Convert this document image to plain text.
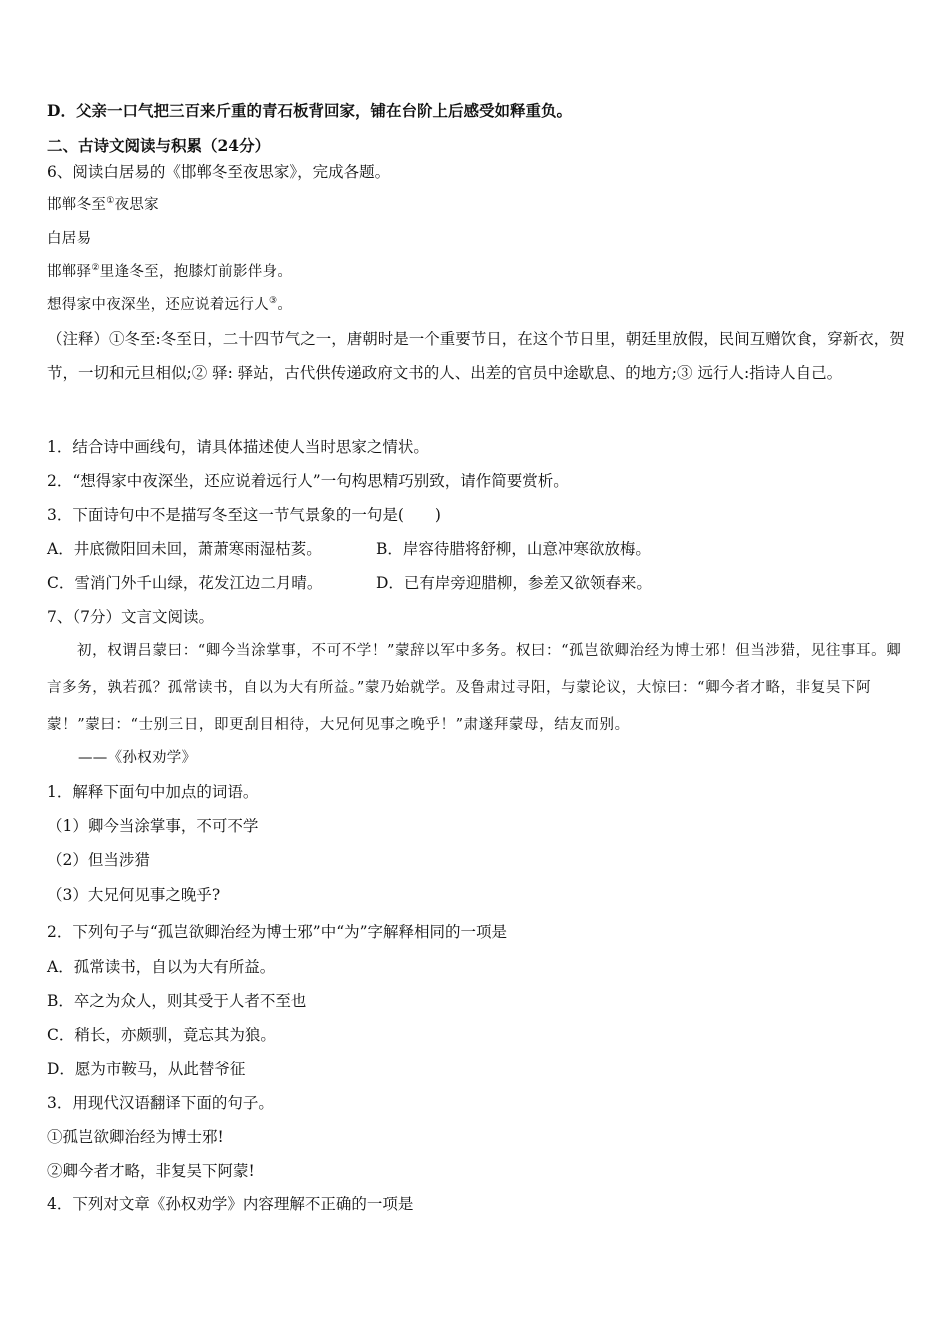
D．父亲一口气把三百来斤重的青石板背回家，铺在台阶上后感受如释重负。
二、古诗文阅读与积累（24分）
6、阅读白居易的《邯郸冬至夜思家》，完成各题。
邯郸冬至①夜思家
白居易
邯郸驿②里逢冬至，抱膝灯前影伴身。
想得家中夜深坐，还应说着远行人③。
（注释）①冬至:冬至日，二十四节气之一，唐朝时是一个重要节日，在这个节日里，朝廷里放假，民间互赠饮食，穿新衣，贺节，一切和元旦相似;② 驿: 驿站，古代供传递政府文书的人、出差的官员中途歇息、的地方;③ 远行人:指诗人自己。
1．结合诗中画线句，请具体描述使人当时思家之情状。
2．“想得家中夜深坐，还应说着远行人”一句构思精巧别致，请作简要赏析。
3．下面诗句中不是描写冬至这一节气景象的一句是(　　)
A．井底微阳回未回，萧萧寒雨湿枯荄。	B．岸容待腊将舒柳，山意冲寒欲放梅。
C．雪消门外千山绿，花发江边二月晴。	D．已有岸旁迎腊柳，参差又欲领春来。
7、（7分）文言文阅读。
初，权谓吕蒙曰：“卿今当涂掌事，不可不学！”蒙辞以军中多务。权曰：“孤岂欲卿治经为博士邪！但当涉猎，见往事耳。卿言多务，孰若孤？孤常读书，自以为大有所益。”蒙乃始就学。及鲁肃过寻阳，与蒙论议，大惊曰：“卿今者才略，非复吴下阿蒙！”蒙曰：“士别三日，即更刮目相待，大兄何见事之晚乎！”肃遂拜蒙母，结友而别。
——《孙权劝学》
1．解释下面句中加点的词语。
（1）卿今当涂掌事，不可不学
（2）但当涉猎
（3）大兄何见事之晚乎?
2．下列句子与“孤岂欲卿治经为博士邪”中“为”字解释相同的一项是
A．孤常读书，自以为大有所益。
B．卒之为众人，则其受于人者不至也
C．稍长，亦颇驯，竟忘其为狼。
D．愿为市鞍马，从此替爷征
3．用现代汉语翻译下面的句子。
①孤岂欲卿治经为博士邪!
②卿今者才略，非复吴下阿蒙!
4．下列对文章《孙权劝学》内容理解不正确的一项是
